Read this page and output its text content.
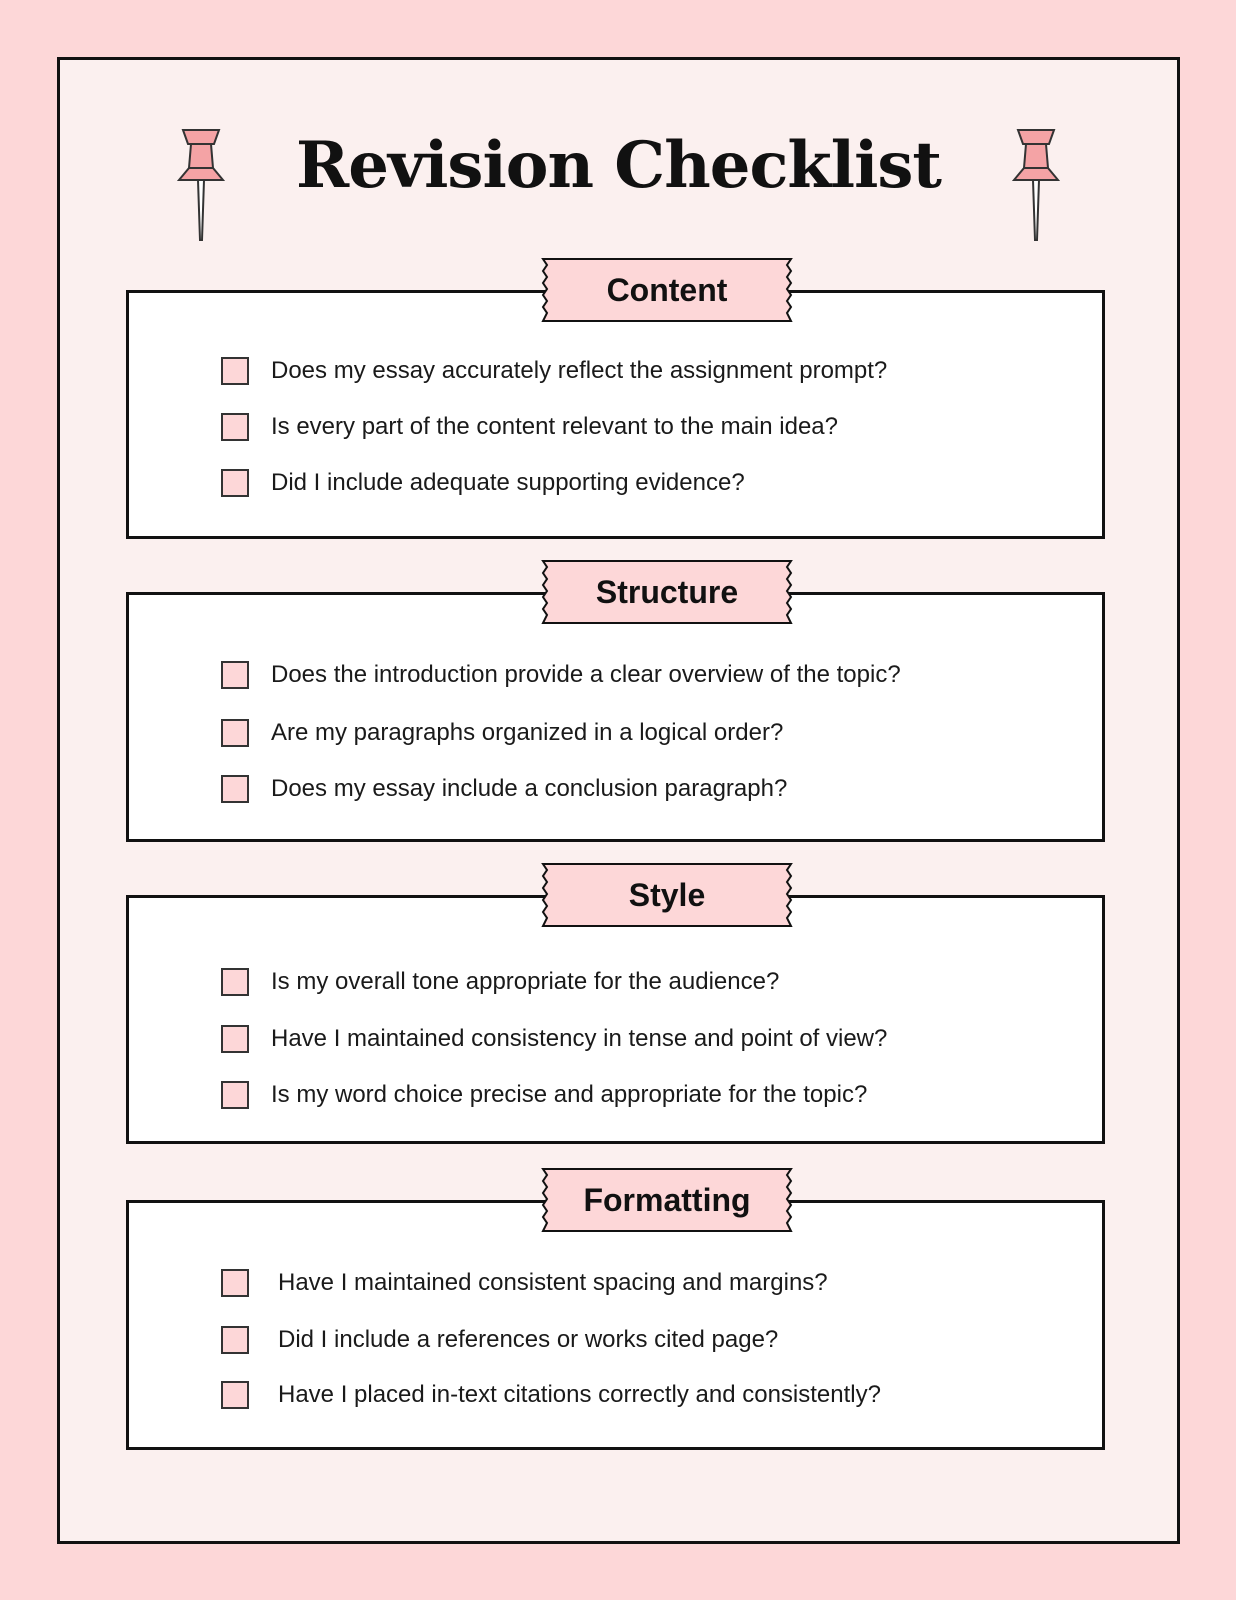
Revision Checklist
Content
Does my essay accurately reflect the assignment prompt?
Is every part of the content relevant to the main idea?
Did I include adequate supporting evidence?
Structure
Does the introduction provide a clear overview of the topic?
Are my paragraphs organized in a logical order?
Does my essay include a conclusion paragraph?
Style
Is my overall tone appropriate for the audience?
Have I maintained consistency in tense and point of view?
Is my word choice precise and appropriate for the topic?
Formatting
Have I maintained consistent spacing and margins?
Did I include a references or works cited page?
Have I placed in-text citations correctly and consistently?
